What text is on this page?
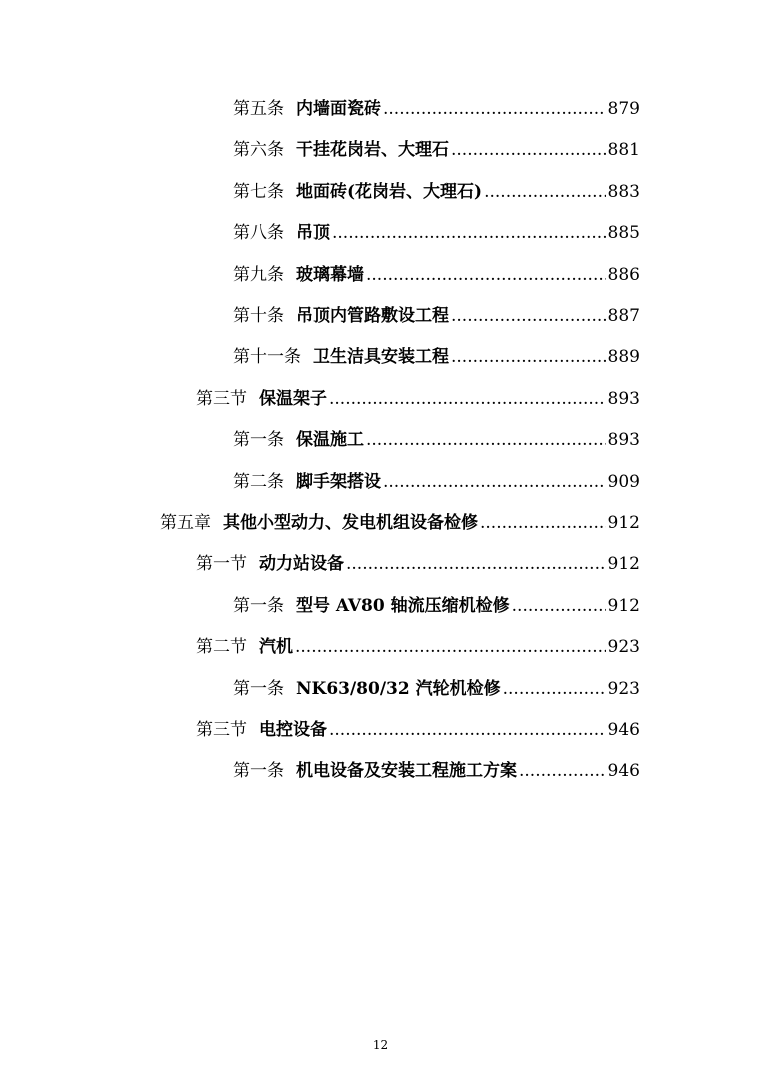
第五条 内墙面瓷砖 .....	879
第六条 干挂花岗岩、大理石 .....	881
第七条 地面砖(花岗岩、大理石) .....	883
第八条 吊顶 .....	885
第九条 玻璃幕墙 .....	886
第十条 吊顶内管路敷设工程 .....	887
第十一条 卫生洁具安装工程 .....	889
第三节 保温架子 .....	893
第一条 保温施工 .....	893
第二条 脚手架搭设 .....	909
第五章 其他小型动力、发电机组设备检修 .....	912
第一节 动力站设备 .....	912
第一条 型号 AV80 轴流压缩机检修 .....	912
第二节 汽机 .....	923
第一条 NK63/80/32 汽轮机检修 .....	923
第三节 电控设备 .....	946
第一条 机电设备及安装工程施工方案 .....	946
12
